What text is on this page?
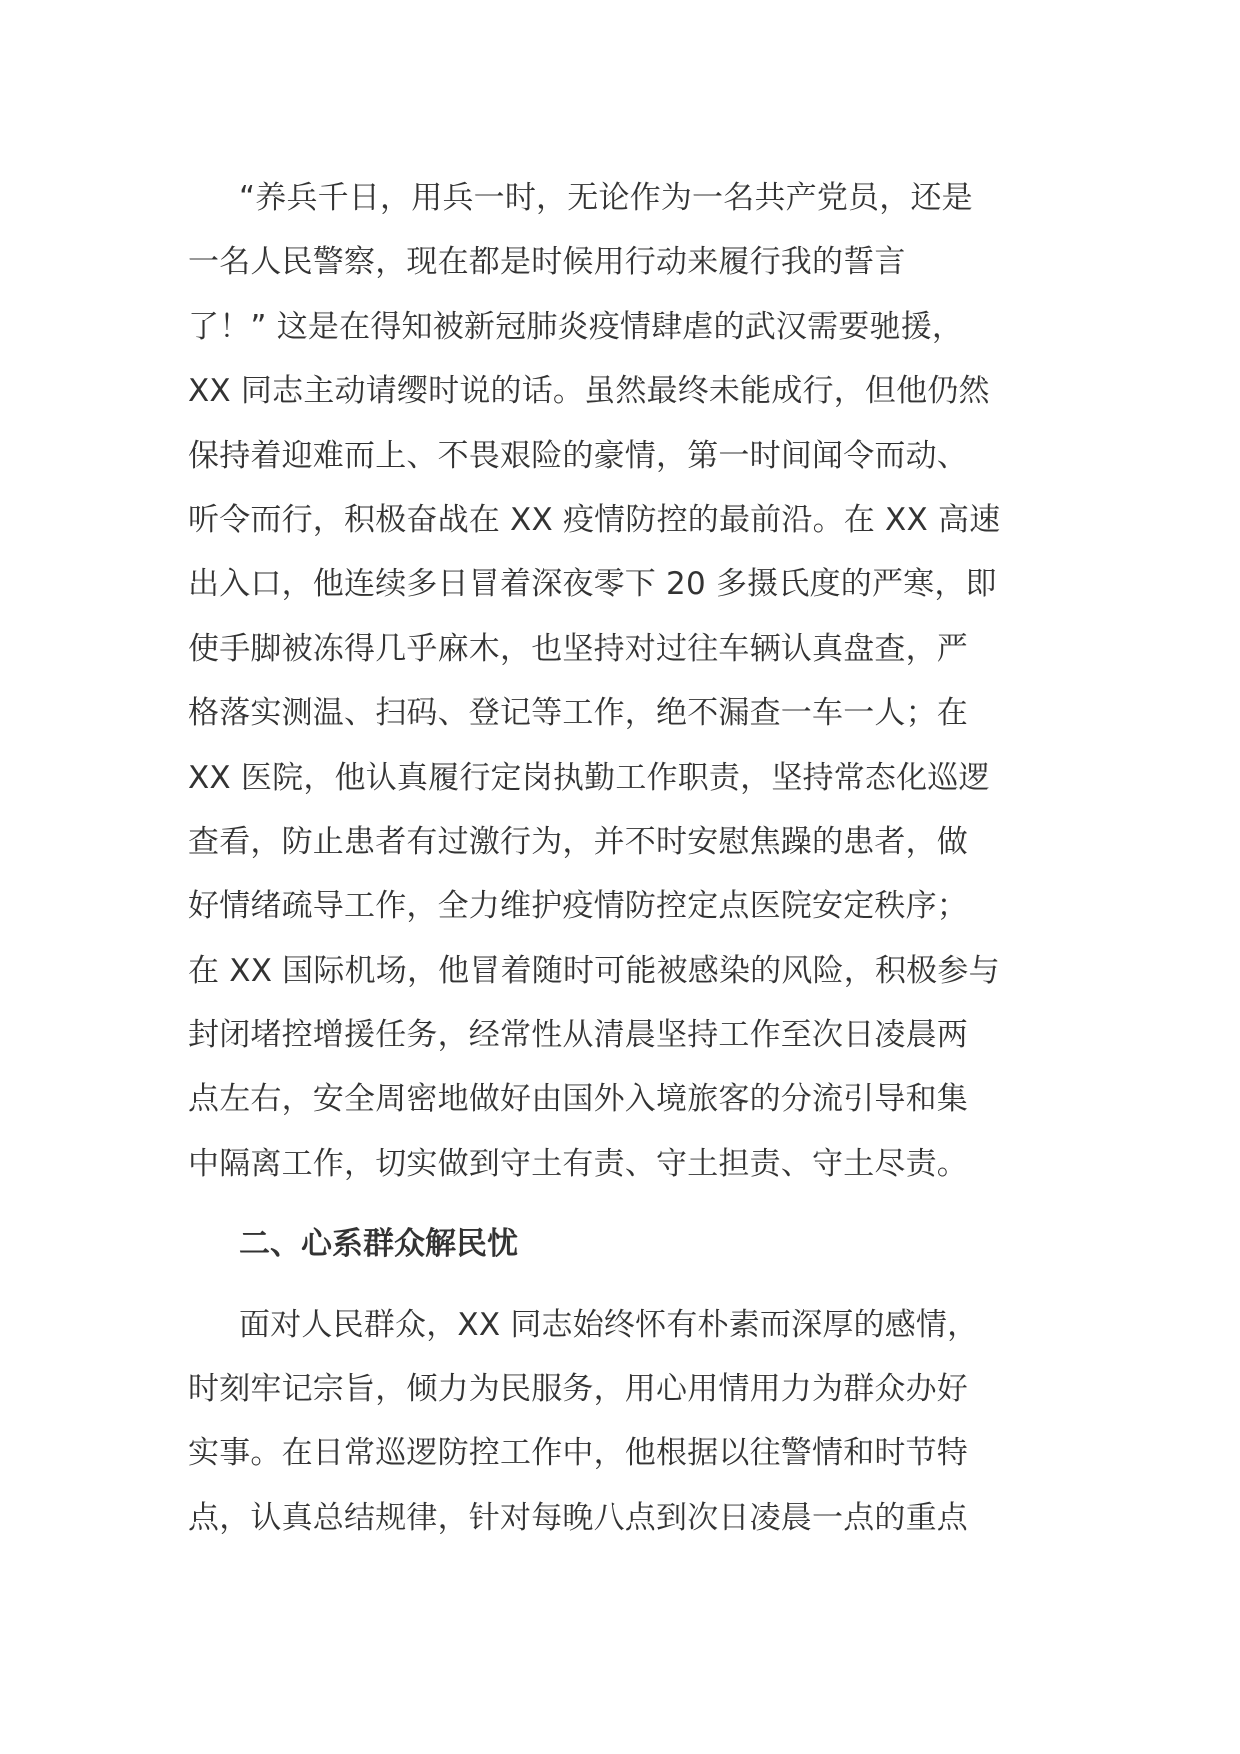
“养兵千日，用兵一时，无论作为一名共产党员，还是
一名人民警察，现在都是时候用行动来履行我的誓言
了！” 这是在得知被新冠肺炎疫情肆虐的武汉需要驰援，
XX 同志主动请缨时说的话。虽然最终未能成行，但他仍然
保持着迎难而上、不畏艰险的豪情，第一时间闻令而动、
听令而行，积极奋战在 XX 疫情防控的最前沿。在 XX 高速
出入口，他连续多日冒着深夜零下 20 多摄氏度的严寒，即
使手脚被冻得几乎麻木，也坚持对过往车辆认真盘查，严
格落实测温、扫码、登记等工作，绝不漏查一车一人；在
XX 医院，他认真履行定岗执勤工作职责，坚持常态化巡逻
查看，防止患者有过激行为，并不时安慰焦躁的患者，做
好情绪疏导工作，全力维护疫情防控定点医院安定秩序；
在 XX 国际机场，他冒着随时可能被感染的风险，积极参与
封闭堵控增援任务，经常性从清晨坚持工作至次日凌晨两
点左右，安全周密地做好由国外入境旅客的分流引导和集
中隔离工作，切实做到守土有责、守土担责、守土尽责。
二、心系群众解民忧
面对人民群众，XX 同志始终怀有朴素而深厚的感情，
时刻牢记宗旨，倾力为民服务，用心用情用力为群众办好
实事。在日常巡逻防控工作中，他根据以往警情和时节特
点，认真总结规律，针对每晚八点到次日凌晨一点的重点
